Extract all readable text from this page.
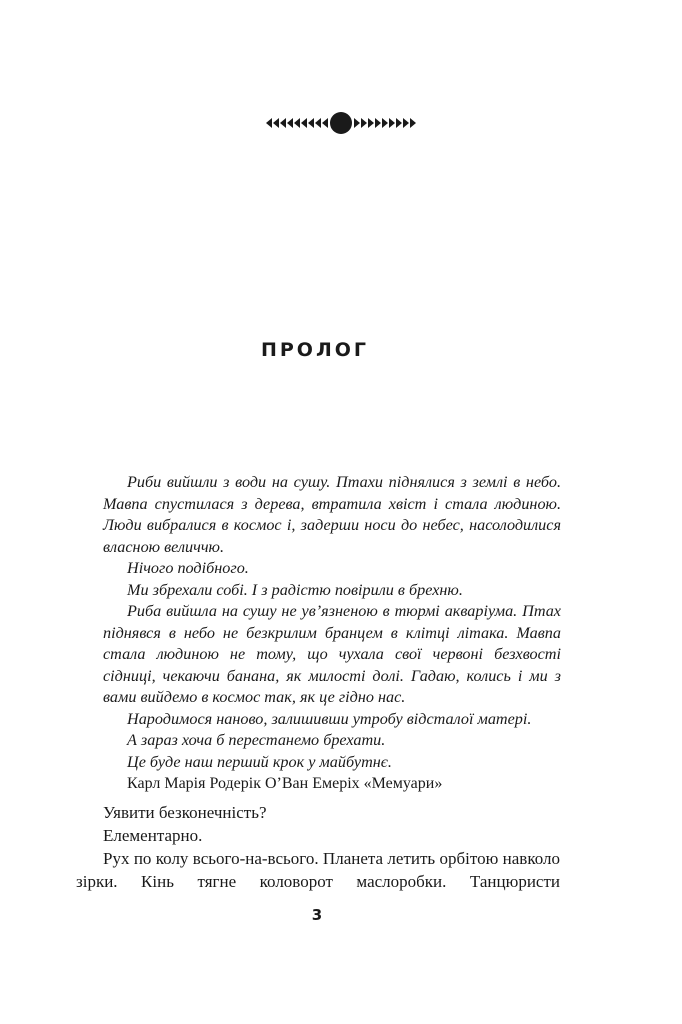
ПРОЛОГ

Риби вийшли з води на сушу. Птахи піднялися з землі в небо. Мавпа спустилася з дерева, втратила хвіст і стала людиною. Люди вибралися в космос і, задерши носи до небес, насолодилися власною величчю.

Нічого подібного.

Ми збрехали собі. І з радістю повірили в брехню.

Риба вийшла на сушу не ув’язненою в тюрмі акваріума. Птах піднявся в небо не безкрилим бранцем в клітці літака. Мавпа стала людиною не тому, що чухала свої червоні безхвості сідниці, чекаючи банана, як милості долі. Гадаю, колись і ми з вами вийдемо в космос так, як це гідно нас.

Народимося наново, залишивши утробу відсталої матері.

А зараз хоча б перестанемо брехати.

Це буде наш перший крок у майбутнє.

Карл Марія Родерік О’Ван Емеріх «Мемуари»

Уявити безконечність?

Елементарно.

Рух по колу всього-на-всього. Планета летить орбітою навколо зірки. Кінь тягне коловорот маслоробки. Танцюристи

3
